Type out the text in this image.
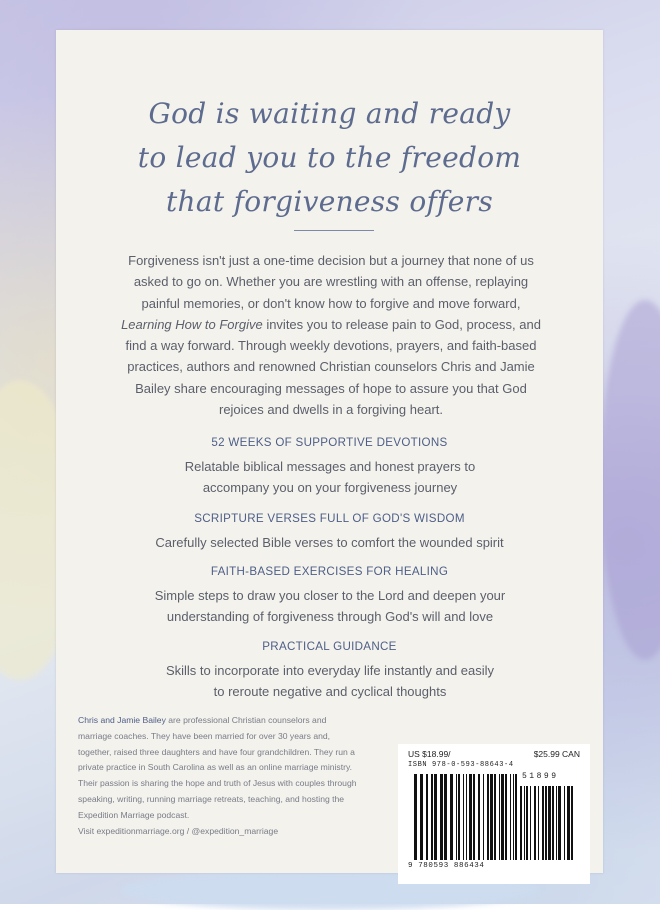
God is waiting and ready
to lead you to the freedom
that forgiveness offers

Forgiveness isn't just a one-time decision but a journey that none of us asked to go on. Whether you are wrestling with an offense, replaying painful memories, or don't know how to forgive and move forward, Learning How to Forgive invites you to release pain to God, process, and find a way forward. Through weekly devotions, prayers, and faith-based practices, authors and renowned Christian counselors Chris and Jamie Bailey share encouraging messages of hope to assure you that God rejoices and dwells in a forgiving heart.

52 WEEKS OF SUPPORTIVE DEVOTIONS
Relatable biblical messages and honest prayers to accompany you on your forgiveness journey
SCRIPTURE VERSES FULL OF GOD'S WISDOM
Carefully selected Bible verses to comfort the wounded spirit
FAITH-BASED EXERCISES FOR HEALING
Simple steps to draw you closer to the Lord and deepen your understanding of forgiveness through God's will and love
PRACTICAL GUIDANCE
Skills to incorporate into everyday life instantly and easily to reroute negative and cyclical thoughts
Chris and Jamie Bailey are professional Christian counselors and marriage coaches. They have been married for over 30 years and, together, raised three daughters and have four grandchildren. They run a private practice in South Carolina as well as an online marriage ministry. Their passion is sharing the hope and truth of Jesus with couples through speaking, writing, running marriage retreats, teaching, and hosting the Expedition Marriage podcast.
Visit expeditionmarriage.org / @expedition_marriage
US $18.99/	$25.99 CAN
ISBN 978-0-593-88643-4
51899
9 780593 886434
